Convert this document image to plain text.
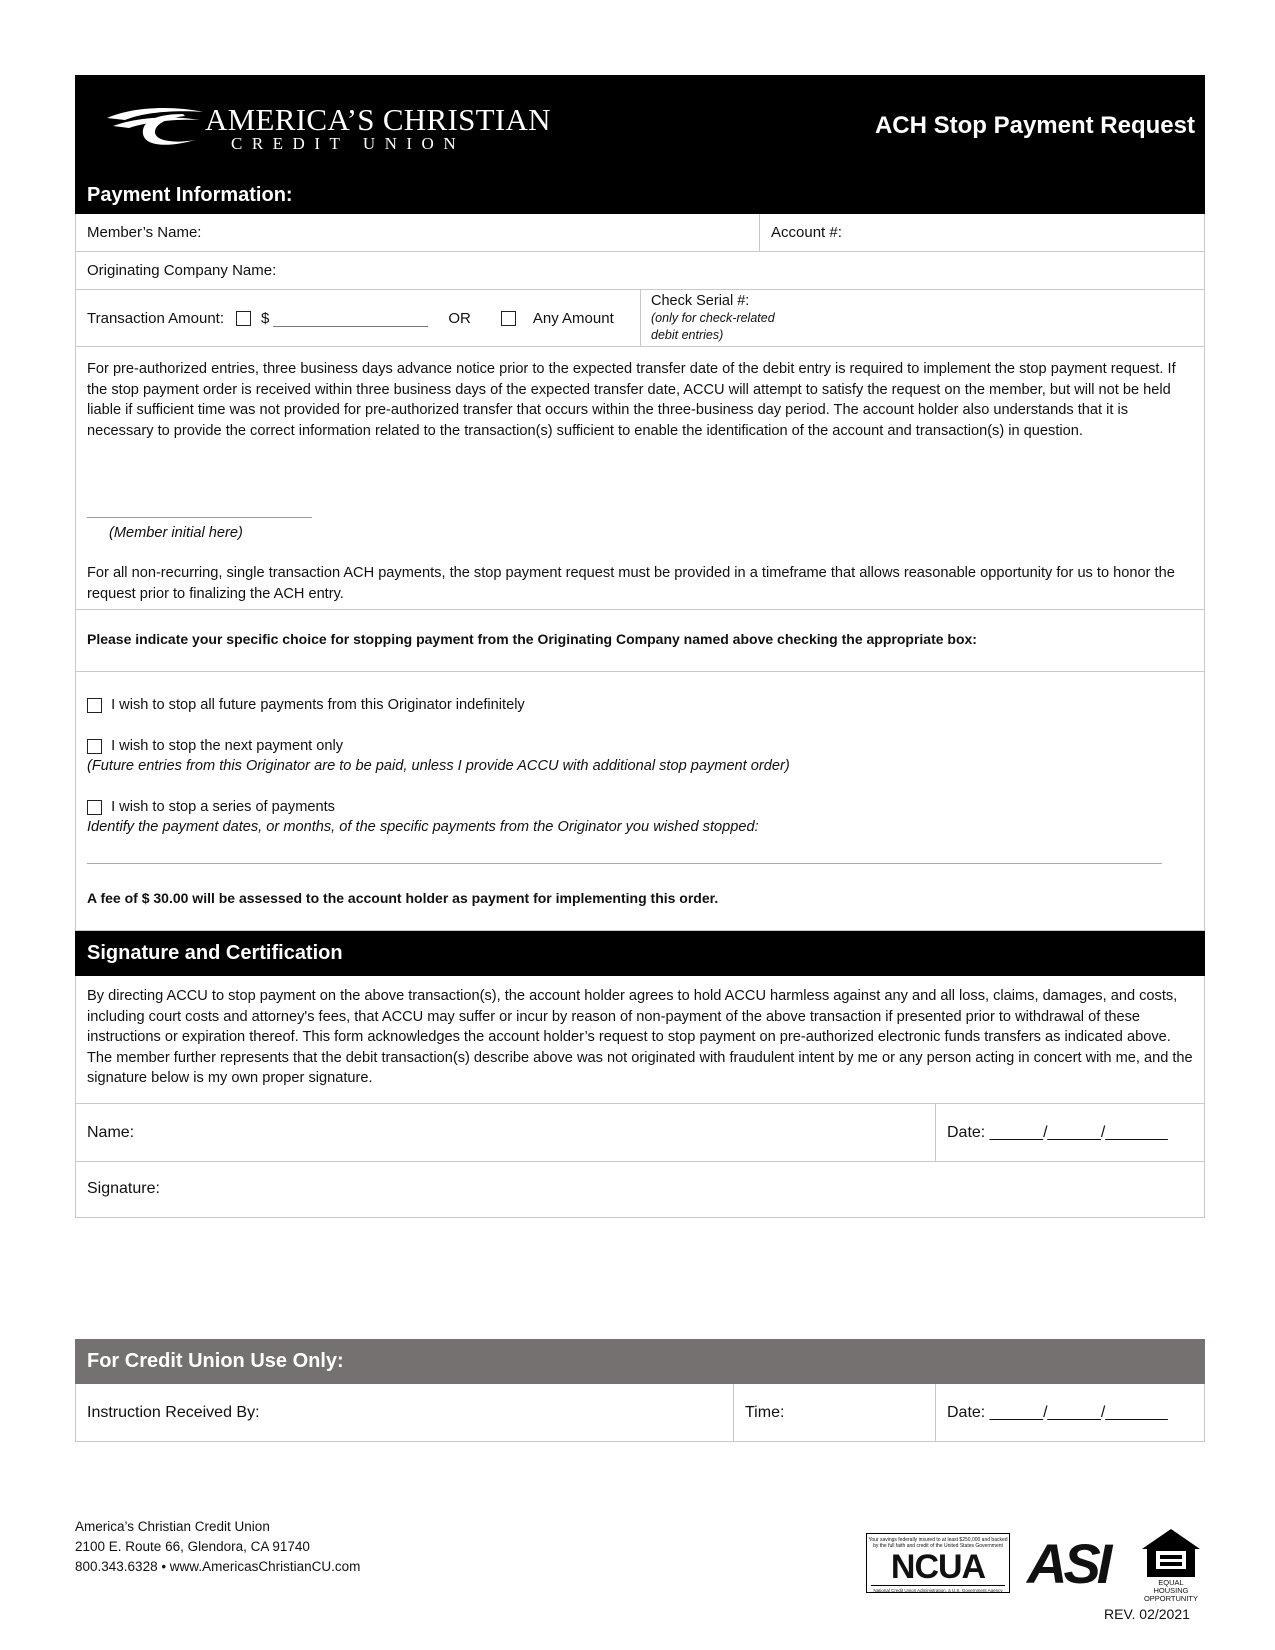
AMERICA’S CHRISTIAN
CREDIT UNION
ACH Stop Payment Request
Payment Information:
Member’s Name:	Account #:
Originating Company Name:
Transaction Amount: $	OR	Any Amount
Check Serial #:
(only for check-related
debit entries)
For pre-authorized entries, three business days advance notice prior to the expected transfer date of the debit entry is required to implement the stop payment request. If the stop payment order is received within three business days of the expected transfer date, ACCU will attempt to satisfy the request on the member, but will not be held liable if sufficient time was not provided for pre-authorized transfer that occurs within the three-business day period. The account holder also understands that it is necessary to provide the correct information related to the transaction(s) sufficient to enable the identification of the account and transaction(s) in question.
(Member initial here)
For all non-recurring, single transaction ACH payments, the stop payment request must be provided in a timeframe that allows reasonable opportunity for us to honor the request prior to finalizing the ACH entry.
Please indicate your specific choice for stopping payment from the Originating Company named above checking the appropriate box:
I wish to stop all future payments from this Originator indefinitely
I wish to stop the next payment only
(Future entries from this Originator are to be paid, unless I provide ACCU with additional stop payment order)
I wish to stop a series of payments
Identify the payment dates, or months, of the specific payments from the Originator you wished stopped:
A fee of $ 30.00 will be assessed to the account holder as payment for implementing this order.
Signature and Certification
By directing ACCU to stop payment on the above transaction(s), the account holder agrees to hold ACCU harmless against any and all loss, claims, damages, and costs, including court costs and attorney's fees, that ACCU may suffer or incur by reason of non-payment of the above transaction if presented prior to withdrawal of these instructions or expiration thereof. This form acknowledges the account holder’s request to stop payment on pre-authorized electronic funds transfers as indicated above. The member further represents that the debit transaction(s) describe above was not originated with fraudulent intent by me or any person acting in concert with me, and the signature below is my own proper signature.
Name:	Date: ______/______/_______
Signature:
For Credit Union Use Only:
Instruction Received By:	Time:	Date: ______/______/_______
America’s Christian Credit Union
2100 E. Route 66, Glendora, CA 91740
800.343.6328 • www.AmericasChristianCU.com
Your savings federally insured to at least $250,000 and backed by the full faith and credit of the United States Government
NCUA
National Credit Union Administration, a U.S. Government Agency ASI	EQUAL HOUSING
OPPORTUNITY
REV. 02/2021
